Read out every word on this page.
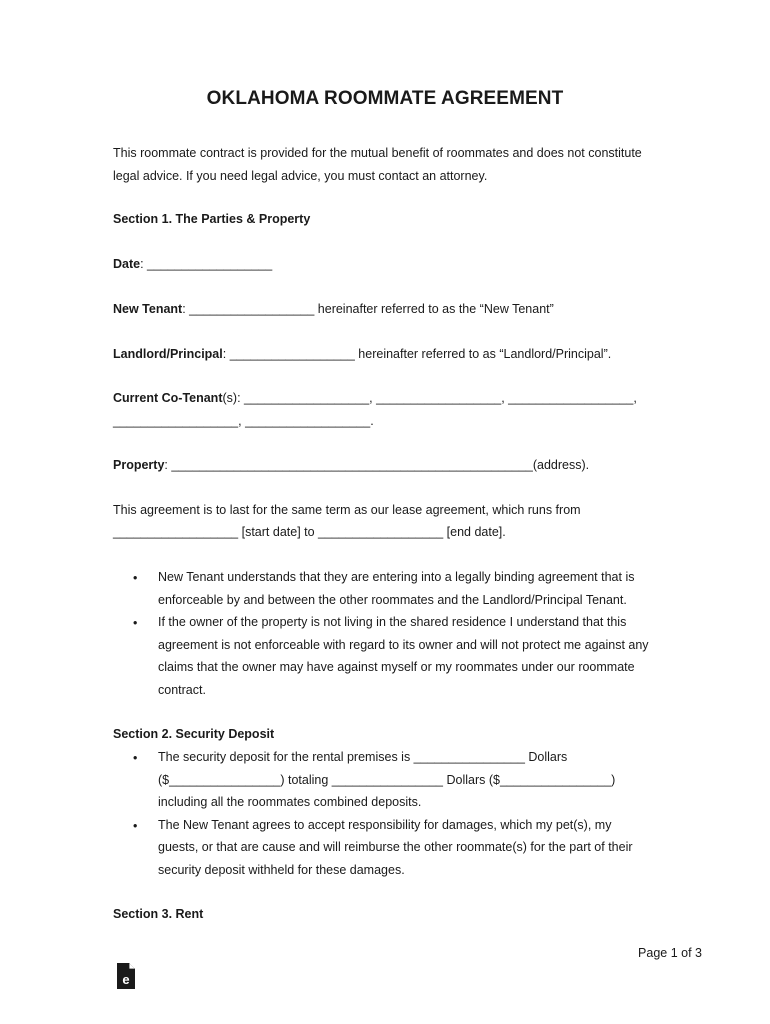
OKLAHOMA ROOMMATE AGREEMENT
This roommate contract is provided for the mutual benefit of roommates and does not constitute
legal advice. If you need legal advice, you must contact an attorney.
Section 1. The Parties & Property
Date: __________________
New Tenant: __________________ hereinafter referred to as the “New Tenant”
Landlord/Principal: __________________ hereinafter referred to as “Landlord/Principal”.
Current Co-Tenant(s): __________________, __________________, __________________,
__________________, __________________.
Property: ____________________________________________________(address).
This agreement is to last for the same term as our lease agreement, which runs from
__________________ [start date] to __________________ [end date].
• New Tenant understands that they are entering into a legally binding agreement that is
enforceable by and between the other roommates and the Landlord/Principal Tenant.
• If the owner of the property is not living in the shared residence I understand that this
agreement is not enforceable with regard to its owner and will not protect me against any
claims that the owner may have against myself or my roommates under our roommate
contract.
Section 2. Security Deposit
• The security deposit for the rental premises is ________________ Dollars
($________________) totaling ________________ Dollars ($________________)
including all the roommates combined deposits.
• The New Tenant agrees to accept responsibility for damages, which my pet(s), my
guests, or that are cause and will reimburse the other roommate(s) for the part of their
security deposit withheld for these damages.
Section 3. Rent
Page 1 of 3
e
